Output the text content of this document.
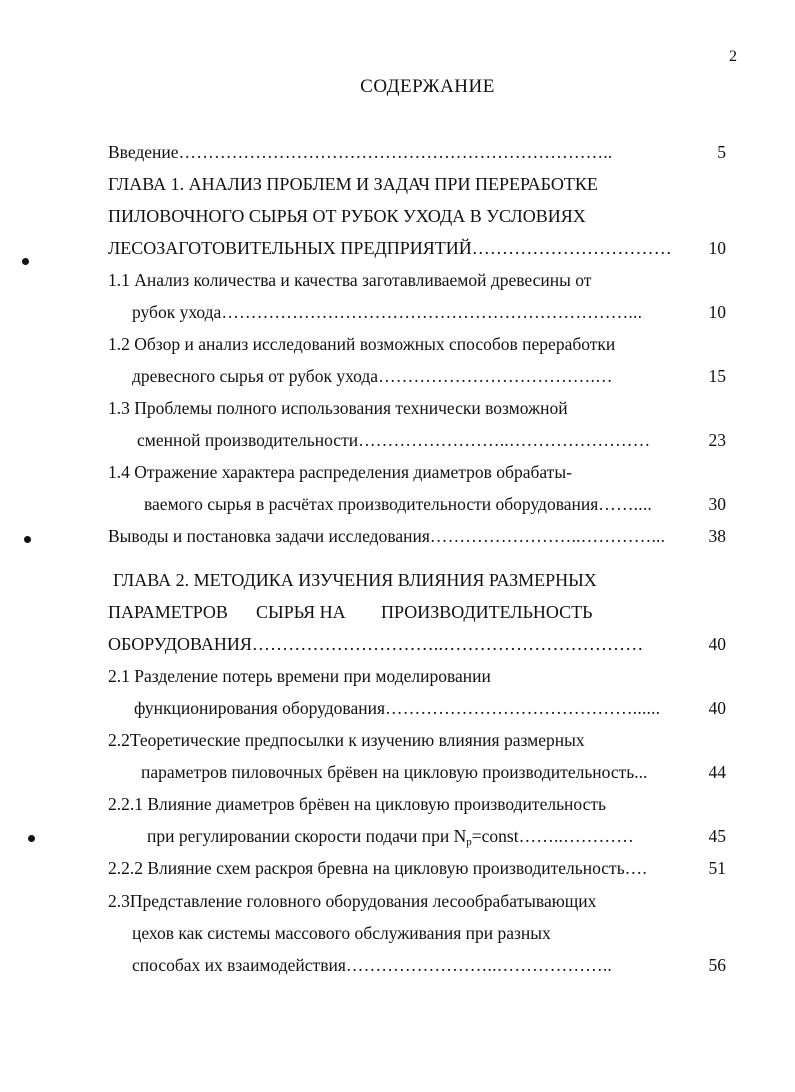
2
СОДЕРЖАНИЕ
Введение………………………………………………………………..	5
ГЛАВА 1. АНАЛИЗ ПРОБЛЕМ И ЗАДАЧ ПРИ ПЕРЕРАБОТКЕ
ПИЛОВОЧНОГО СЫРЬЯ ОТ РУБОК УХОДА В УСЛОВИЯХ
ЛЕСОЗАГОТОВИТЕЛЬНЫХ ПРЕДПРИЯТИЙ……………………………	10
1.1 Анализ количества и качества заготавливаемой древесины от
рубок ухода……………………………………………………………...	10
1.2 Обзор и анализ исследований возможных способов переработки
древесного сырья от рубок ухода……………………………….…	15
1.3 Проблемы полного использования технически возможной
сменной производительности……………………..……………………	23
1.4 Отражение характера распределения диаметров обрабаты-
ваемого сырья в расчётах производительности оборудования……....	30
Выводы и постановка задачи исследования……………………..…………...	38
ГЛАВА 2. МЕТОДИКА ИЗУЧЕНИЯ ВЛИЯНИЯ РАЗМЕРНЫХ
ПАРАМЕТРОВ СЫРЬЯ НА ПРОИЗВОДИТЕЛЬНОСТЬ
ОБОРУДОВАНИЯ…………………………..……………………………	40
2.1 Разделение потерь времени при моделировании
функционирования оборудования……………………………………......	40
2.2Теоретические предпосылки к изучению влияния размерных
параметров пиловочных брёвен на цикловую производительность...	44
2.2.1 Влияние диаметров брёвен на цикловую производительность
при регулировании скорости подачи при $N_р=const\dots\dots..\dots\dots\dots\dots$	45
2.2.2 Влияние схем раскроя бревна на цикловую производительность….	51
2.3Представление головного оборудования лесообрабатывающих
цехов как системы массового обслуживания при разных
способах их взаимодействия……………………..………………..	56
